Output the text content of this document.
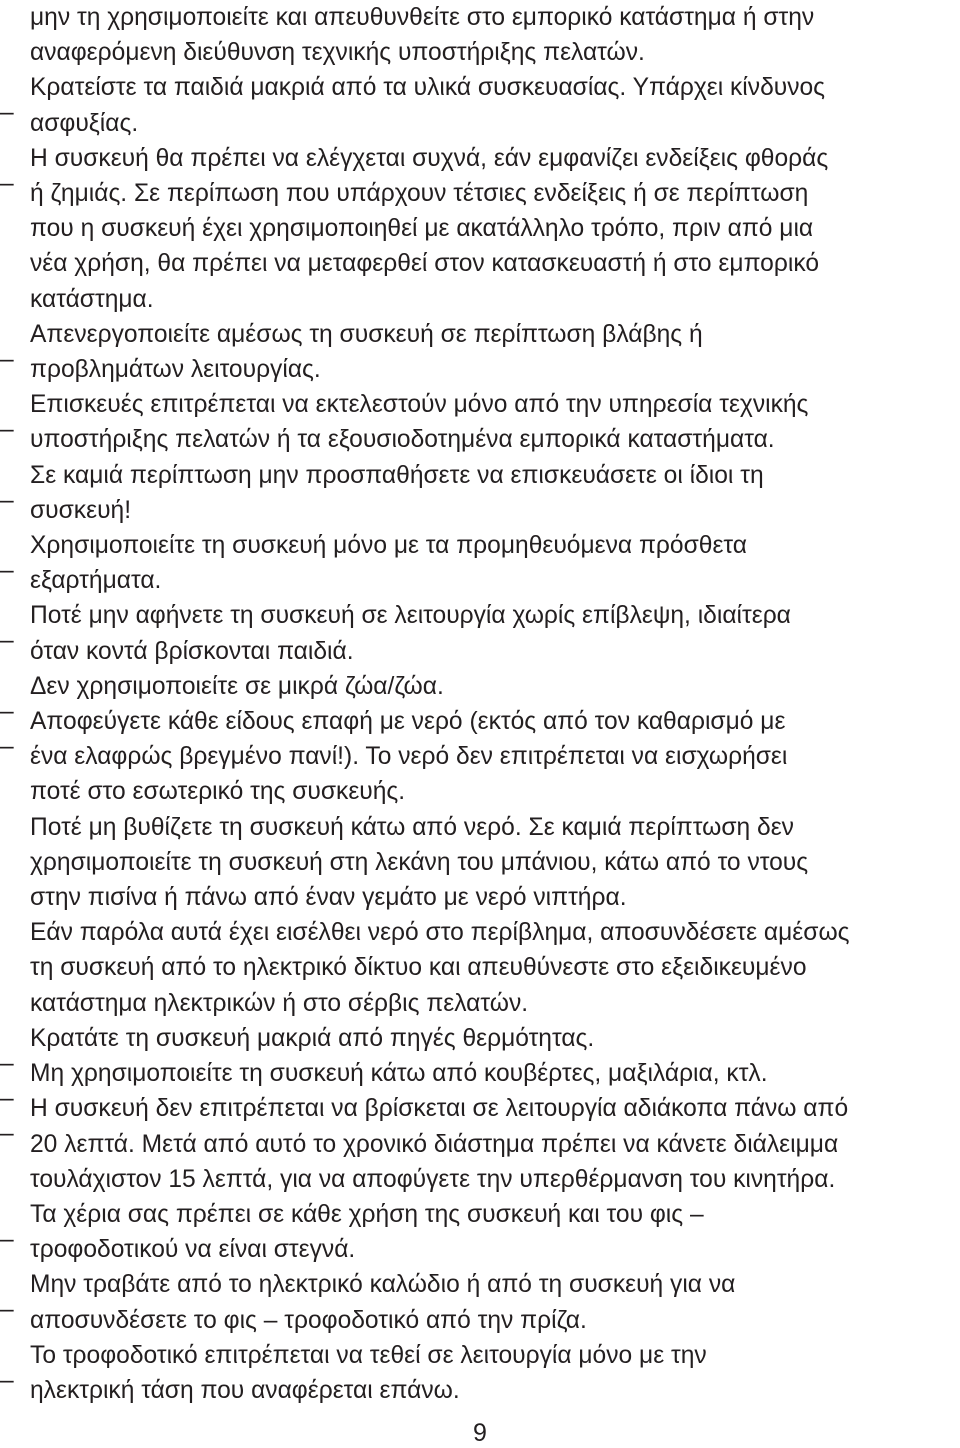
μην τη χρησιμοποιείτε και απευθυνθείτε στο εμπορικό κατάστημα ή στην
αναφερόμενη διεύθυνση τεχνικής υποστήριξης πελατών.
–
Κρατείστε τα παιδιά μακριά από τα υλικά συσκευασίας. Υπάρχει κίνδυνος
ασφυξίας.
–
Η συσκευή θα πρέπει να ελέγχεται συχνά, εάν εμφανίζει ενδείξεις φθοράς
ή ζημιάς. Σε περίπωση που υπάρχουν τέτσιες ενδείξεις ή σε περίπτωση
που η συσκευή έχει χρησιμοποιηθεί με ακατάλληλο τρόπο, πριν από μια
νέα χρήση, θα πρέπει να μεταφερθεί στον κατασκευαστή ή στο εμπορικό
κατάστημα.
–
Απενεργοποιείτε αμέσως τη συσκευή σε περίπτωση βλάβης ή
προβλημάτων λειτουργίας.
–
Επισκευές επιτρέπεται να εκτελεστούν μόνο από την υπηρεσία τεχνικής
υποστήριξης πελατών ή τα εξουσιοδοτημένα εμπορικά καταστήματα.
–
Σε καμιά περίπτωση μην προσπαθήσετε να επισκευάσετε οι ίδιοι τη
συσκευή!
–
Χρησιμοποιείτε τη συσκευή μόνο με τα προμηθευόμενα πρόσθετα
εξαρτήματα.
–
Ποτέ μην αφήνετε τη συσκευή σε λειτουργία χωρίς επίβλεψη, ιδιαίτερα
όταν κοντά βρίσκονται παιδιά.
–
Δεν χρησιμοποιείτε σε μικρά ζώα/ζώα.
–
Αποφεύγετε κάθε είδους επαφή με νερό (εκτός από τον καθαρισμό με
ένα ελαφρώς βρεγμένο πανί!). Το νερό δεν επιτρέπεται να εισχωρήσει
ποτέ στο εσωτερικό της συσκευής.
Ποτέ μη βυθίζετε τη συσκευή κάτω από νερό. Σε καμιά περίπτωση δεν
χρησιμοποιείτε τη συσκευή στη λεκάνη του μπάνιου, κάτω από το ντους
στην πισίνα ή πάνω από έναν γεμάτο με νερό νιπτήρα.
Εάν παρόλα αυτά έχει εισέλθει νερό στο περίβλημα, αποσυνδέσετε αμέσως
τη συσκευή από το ηλεκτρικό δίκτυο και απευθύνεστε στο εξειδικευμένο
κατάστημα ηλεκτρικών ή στο σέρβις πελατών.
–
Κρατάτε τη συσκευή μακριά από πηγές θερμότητας.
–
Μη χρησιμοποιείτε τη συσκευή κάτω από κουβέρτες, μαξιλάρια, κτλ.
–
Η συσκευή δεν επιτρέπεται να βρίσκεται σε λειτουργία αδιάκοπα πάνω από
20 λεπτά. Μετά από αυτό το χρονικό διάστημα πρέπει να κάνετε διάλειμμα
τουλάχιστον 15 λεπτά, για να αποφύγετε την υπερθέρμανση του κινητήρα.
–
Τα χέρια σας πρέπει σε κάθε χρήση της συσκευή και του φις –
τροφοδοτικού να είναι στεγνά.
–
Μην τραβάτε από το ηλεκτρικό καλώδιο ή από τη συσκευή για να
αποσυνδέσετε το φις – τροφοδοτικό από την πρίζα.
–
Το τροφοδοτικό επιτρέπεται να τεθεί σε λειτουργία μόνο με την
ηλεκτρική τάση που αναφέρεται επάνω.
9
